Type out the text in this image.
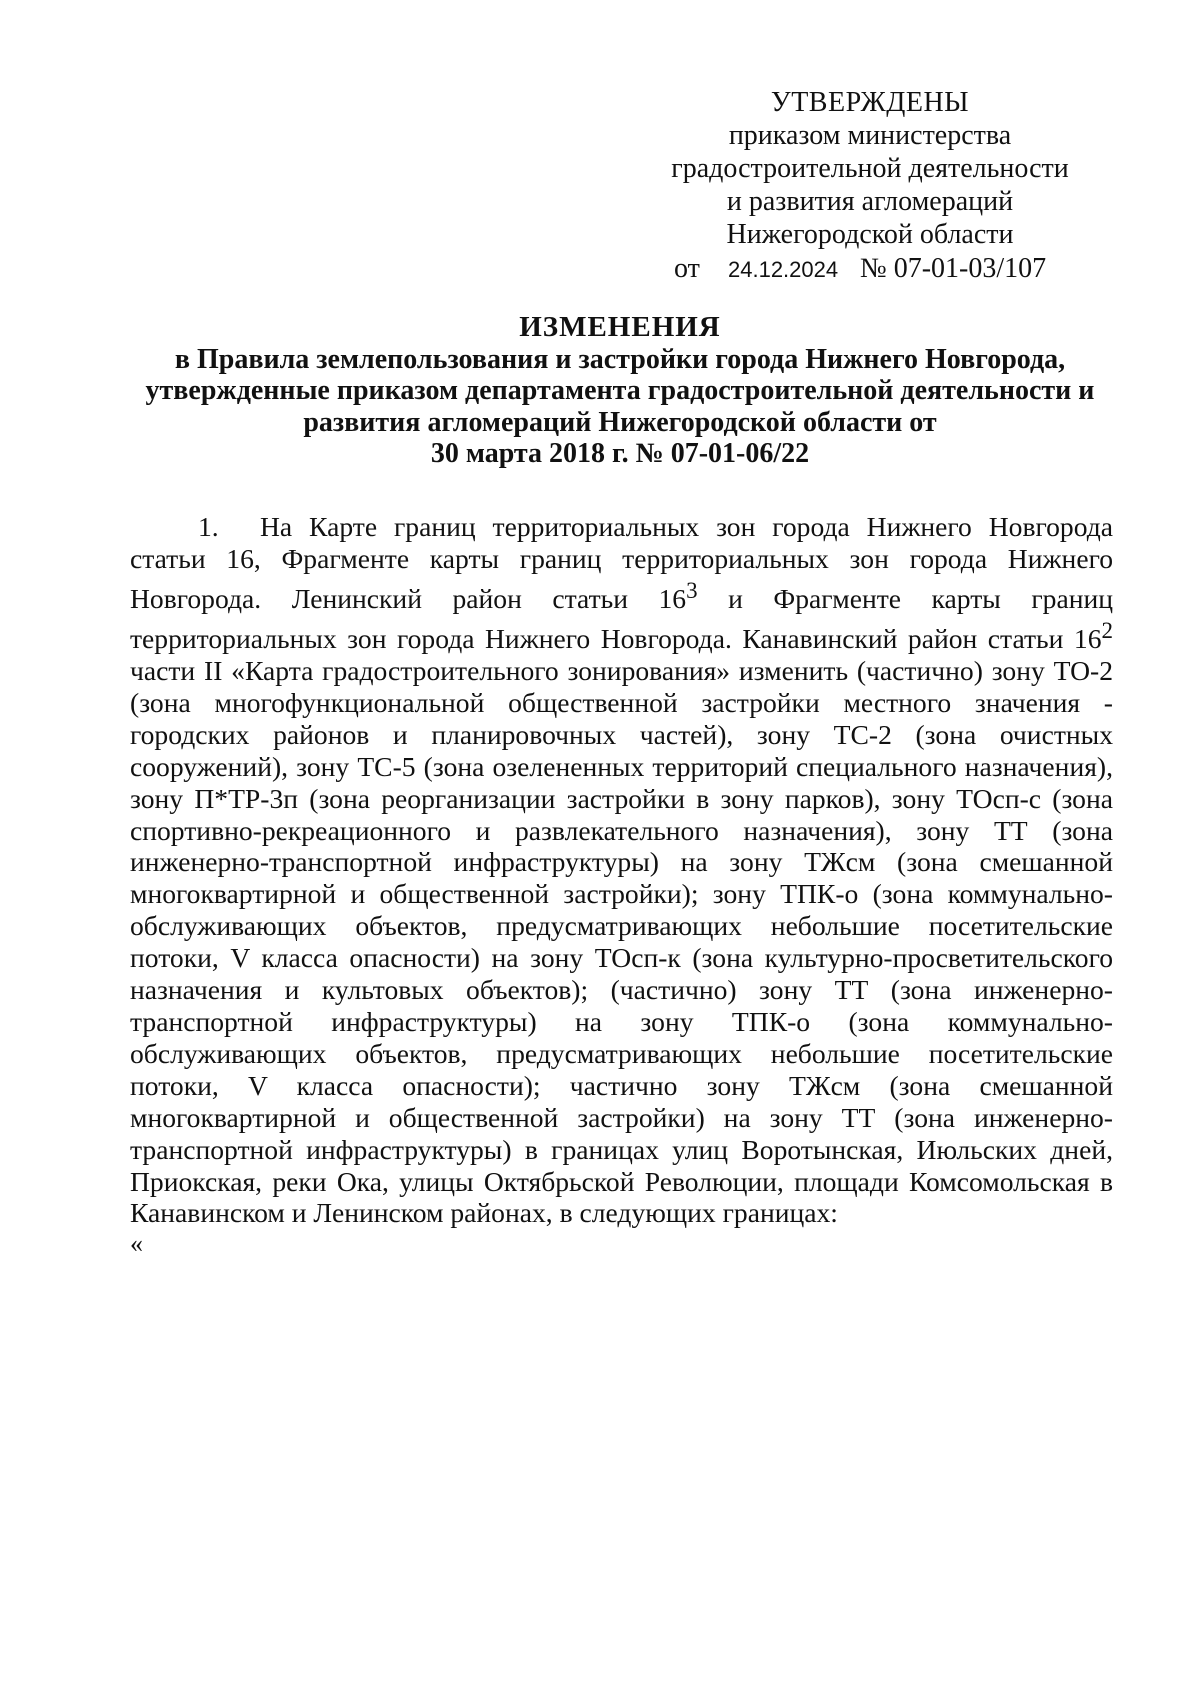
УТВЕРЖДЕНЫ
приказом министерства
градостроительной деятельности
и развития агломераций
Нижегородской области
от 24.12.2024 № 07-01-03/107
ИЗМЕНЕНИЯ
в Правила землепользования и застройки города Нижнего Новгорода,
утвержденные приказом департамента градостроительной деятельности и
развития агломераций Нижегородской области от
30 марта 2018 г. № 07-01-06/22
1. На Карте границ территориальных зон города Нижнего Новгорода статьи 16, Фрагменте карты границ территориальных зон города Нижнего Новгорода. Ленинский район статьи $16^3$ и Фрагменте карты границ территориальных зон города Нижнего Новгорода. Канавинский район статьи $16^2$ части II «Карта градостроительного зонирования» изменить (частично) зону ТО-2 (зона многофункциональной общественной застройки местного значения - городских районов и планировочных частей), зону ТС-2 (зона очистных сооружений), зону ТС-5 (зона озелененных территорий специального назначения), зону П*ТР-3п (зона реорганизации застройки в зону парков), зону ТОсп-с (зона спортивно-рекреационного и развлекательного назначения), зону ТТ (зона инженерно-транспортной инфраструктуры) на зону ТЖсм (зона смешанной многоквартирной и общественной застройки); зону ТПК-о (зона коммунально-обслуживающих объектов, предусматривающих небольшие посетительские потоки, V класса опасности) на зону ТОсп-к (зона культурно-просветительского назначения и культовых объектов); (частично) зону ТТ (зона инженерно-транспортной инфраструктуры) на зону ТПК-о (зона коммунально-обслуживающих объектов, предусматривающих небольшие посетительские потоки, V класса опасности); частично зону ТЖсм (зона смешанной многоквартирной и общественной застройки) на зону ТТ (зона инженерно-транспортной инфраструктуры) в границах улиц Воротынская, Июльских дней, Приокская, реки Ока, улицы Октябрьской Революции, площади Комсомольская в Канавинском и Ленинском районах, в следующих границах:
«
